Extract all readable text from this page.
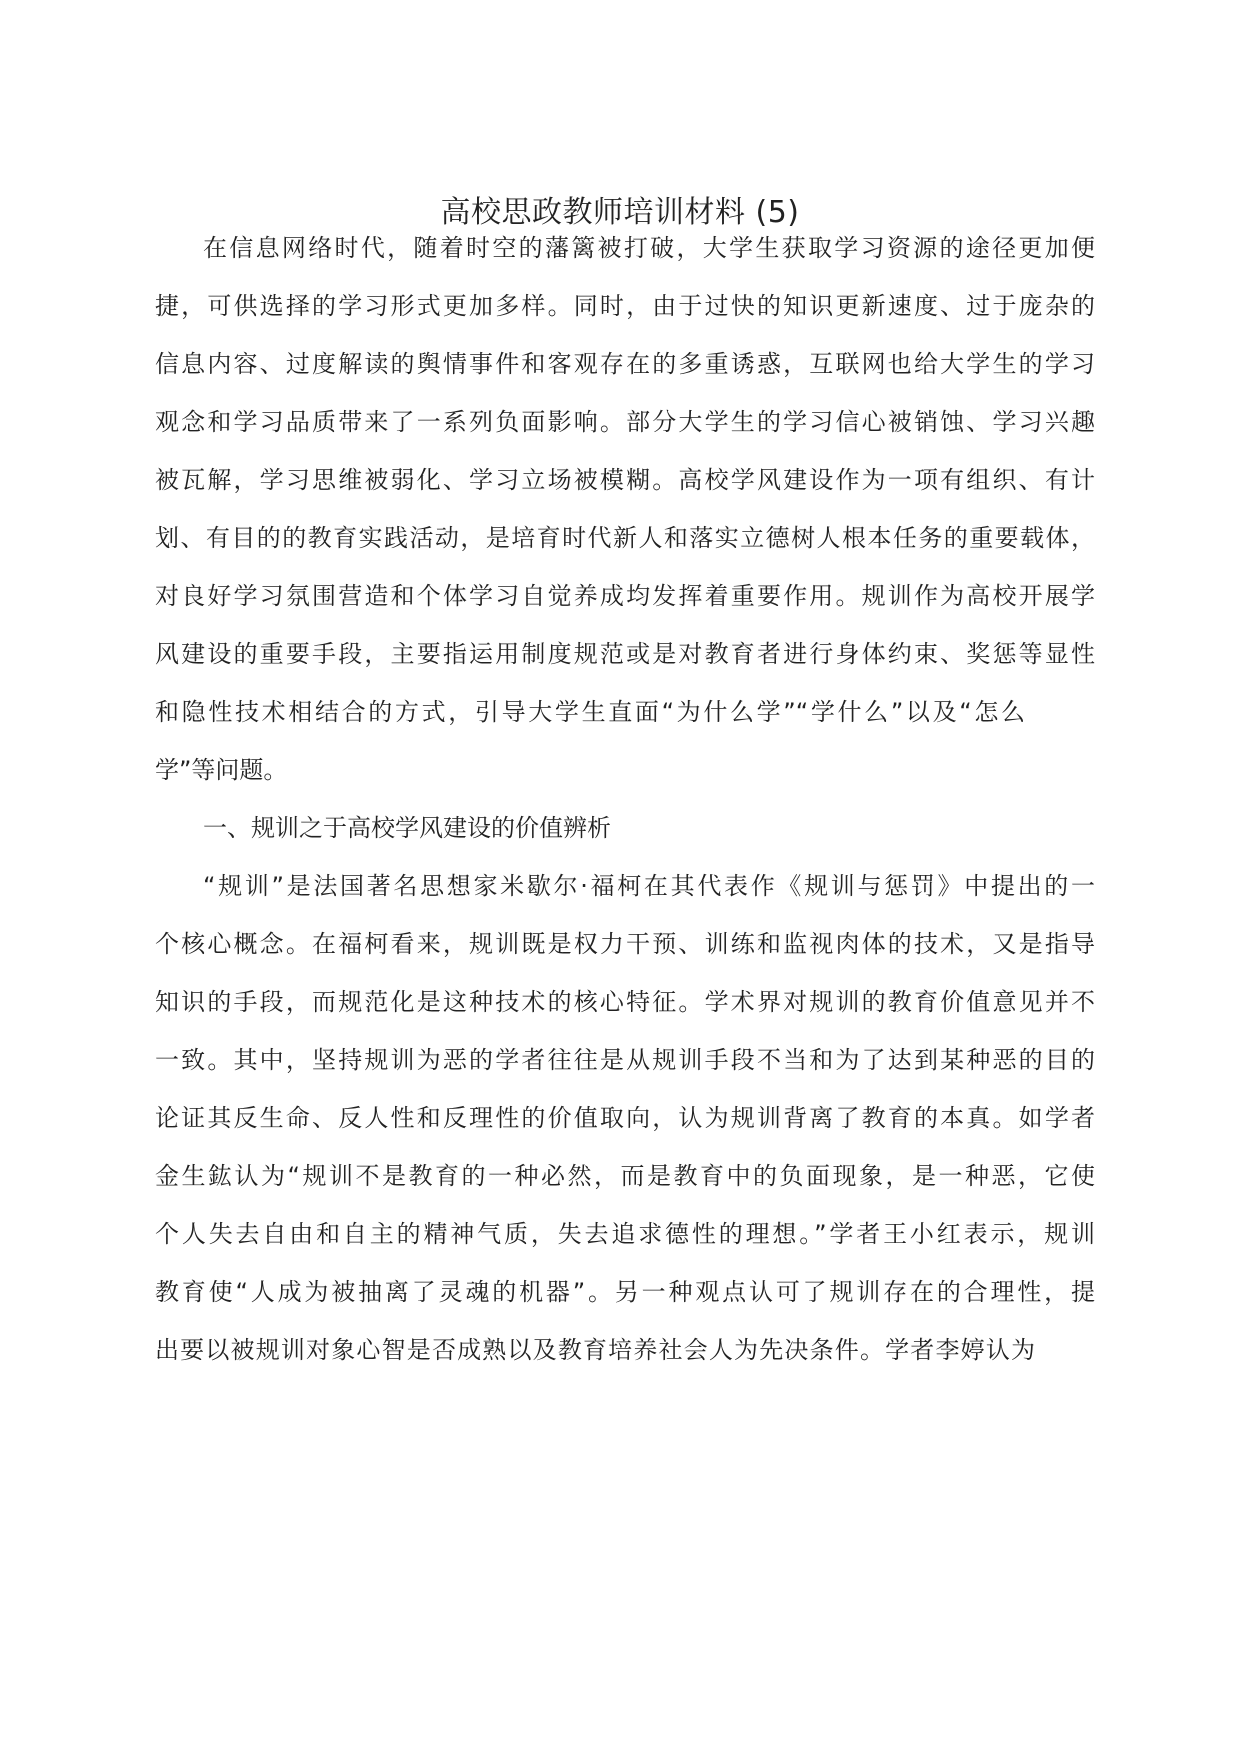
高校思政教师培训材料 (5)
在信息网络时代，随着时空的藩篱被打破，大学生获取学习资源的途径更加便
捷，可供选择的学习形式更加多样。同时，由于过快的知识更新速度、过于庞杂的
信息内容、过度解读的舆情事件和客观存在的多重诱惑，互联网也给大学生的学习
观念和学习品质带来了一系列负面影响。部分大学生的学习信心被销蚀、学习兴趣
被瓦解，学习思维被弱化、学习立场被模糊。高校学风建设作为一项有组织、有计
划、有目的的教育实践活动，是培育时代新人和落实立德树人根本任务的重要载体，
对良好学习氛围营造和个体学习自觉养成均发挥着重要作用。规训作为高校开展学
风建设的重要手段，主要指运用制度规范或是对教育者进行身体约束、奖惩等显性
和隐性技术相结合的方式，引导大学生直面“为什么学”“学什么”以及“怎么
学”等问题。
一、规训之于高校学风建设的价值辨析
“规训”是法国著名思想家米歇尔·福柯在其代表作《规训与惩罚》中提出的一
个核心概念。在福柯看来，规训既是权力干预、训练和监视肉体的技术，又是指导
知识的手段，而规范化是这种技术的核心特征。学术界对规训的教育价值意见并不
一致。其中，坚持规训为恶的学者往往是从规训手段不当和为了达到某种恶的目的
论证其反生命、反人性和反理性的价值取向，认为规训背离了教育的本真。如学者
金生鈜认为“规训不是教育的一种必然，而是教育中的负面现象，是一种恶，它使
个人失去自由和自主的精神气质，失去追求德性的理想。”学者王小红表示，规训
教育使“人成为被抽离了灵魂的机器”。另一种观点认可了规训存在的合理性，提
出要以被规训对象心智是否成熟以及教育培养社会人为先决条件。学者李婷认为
